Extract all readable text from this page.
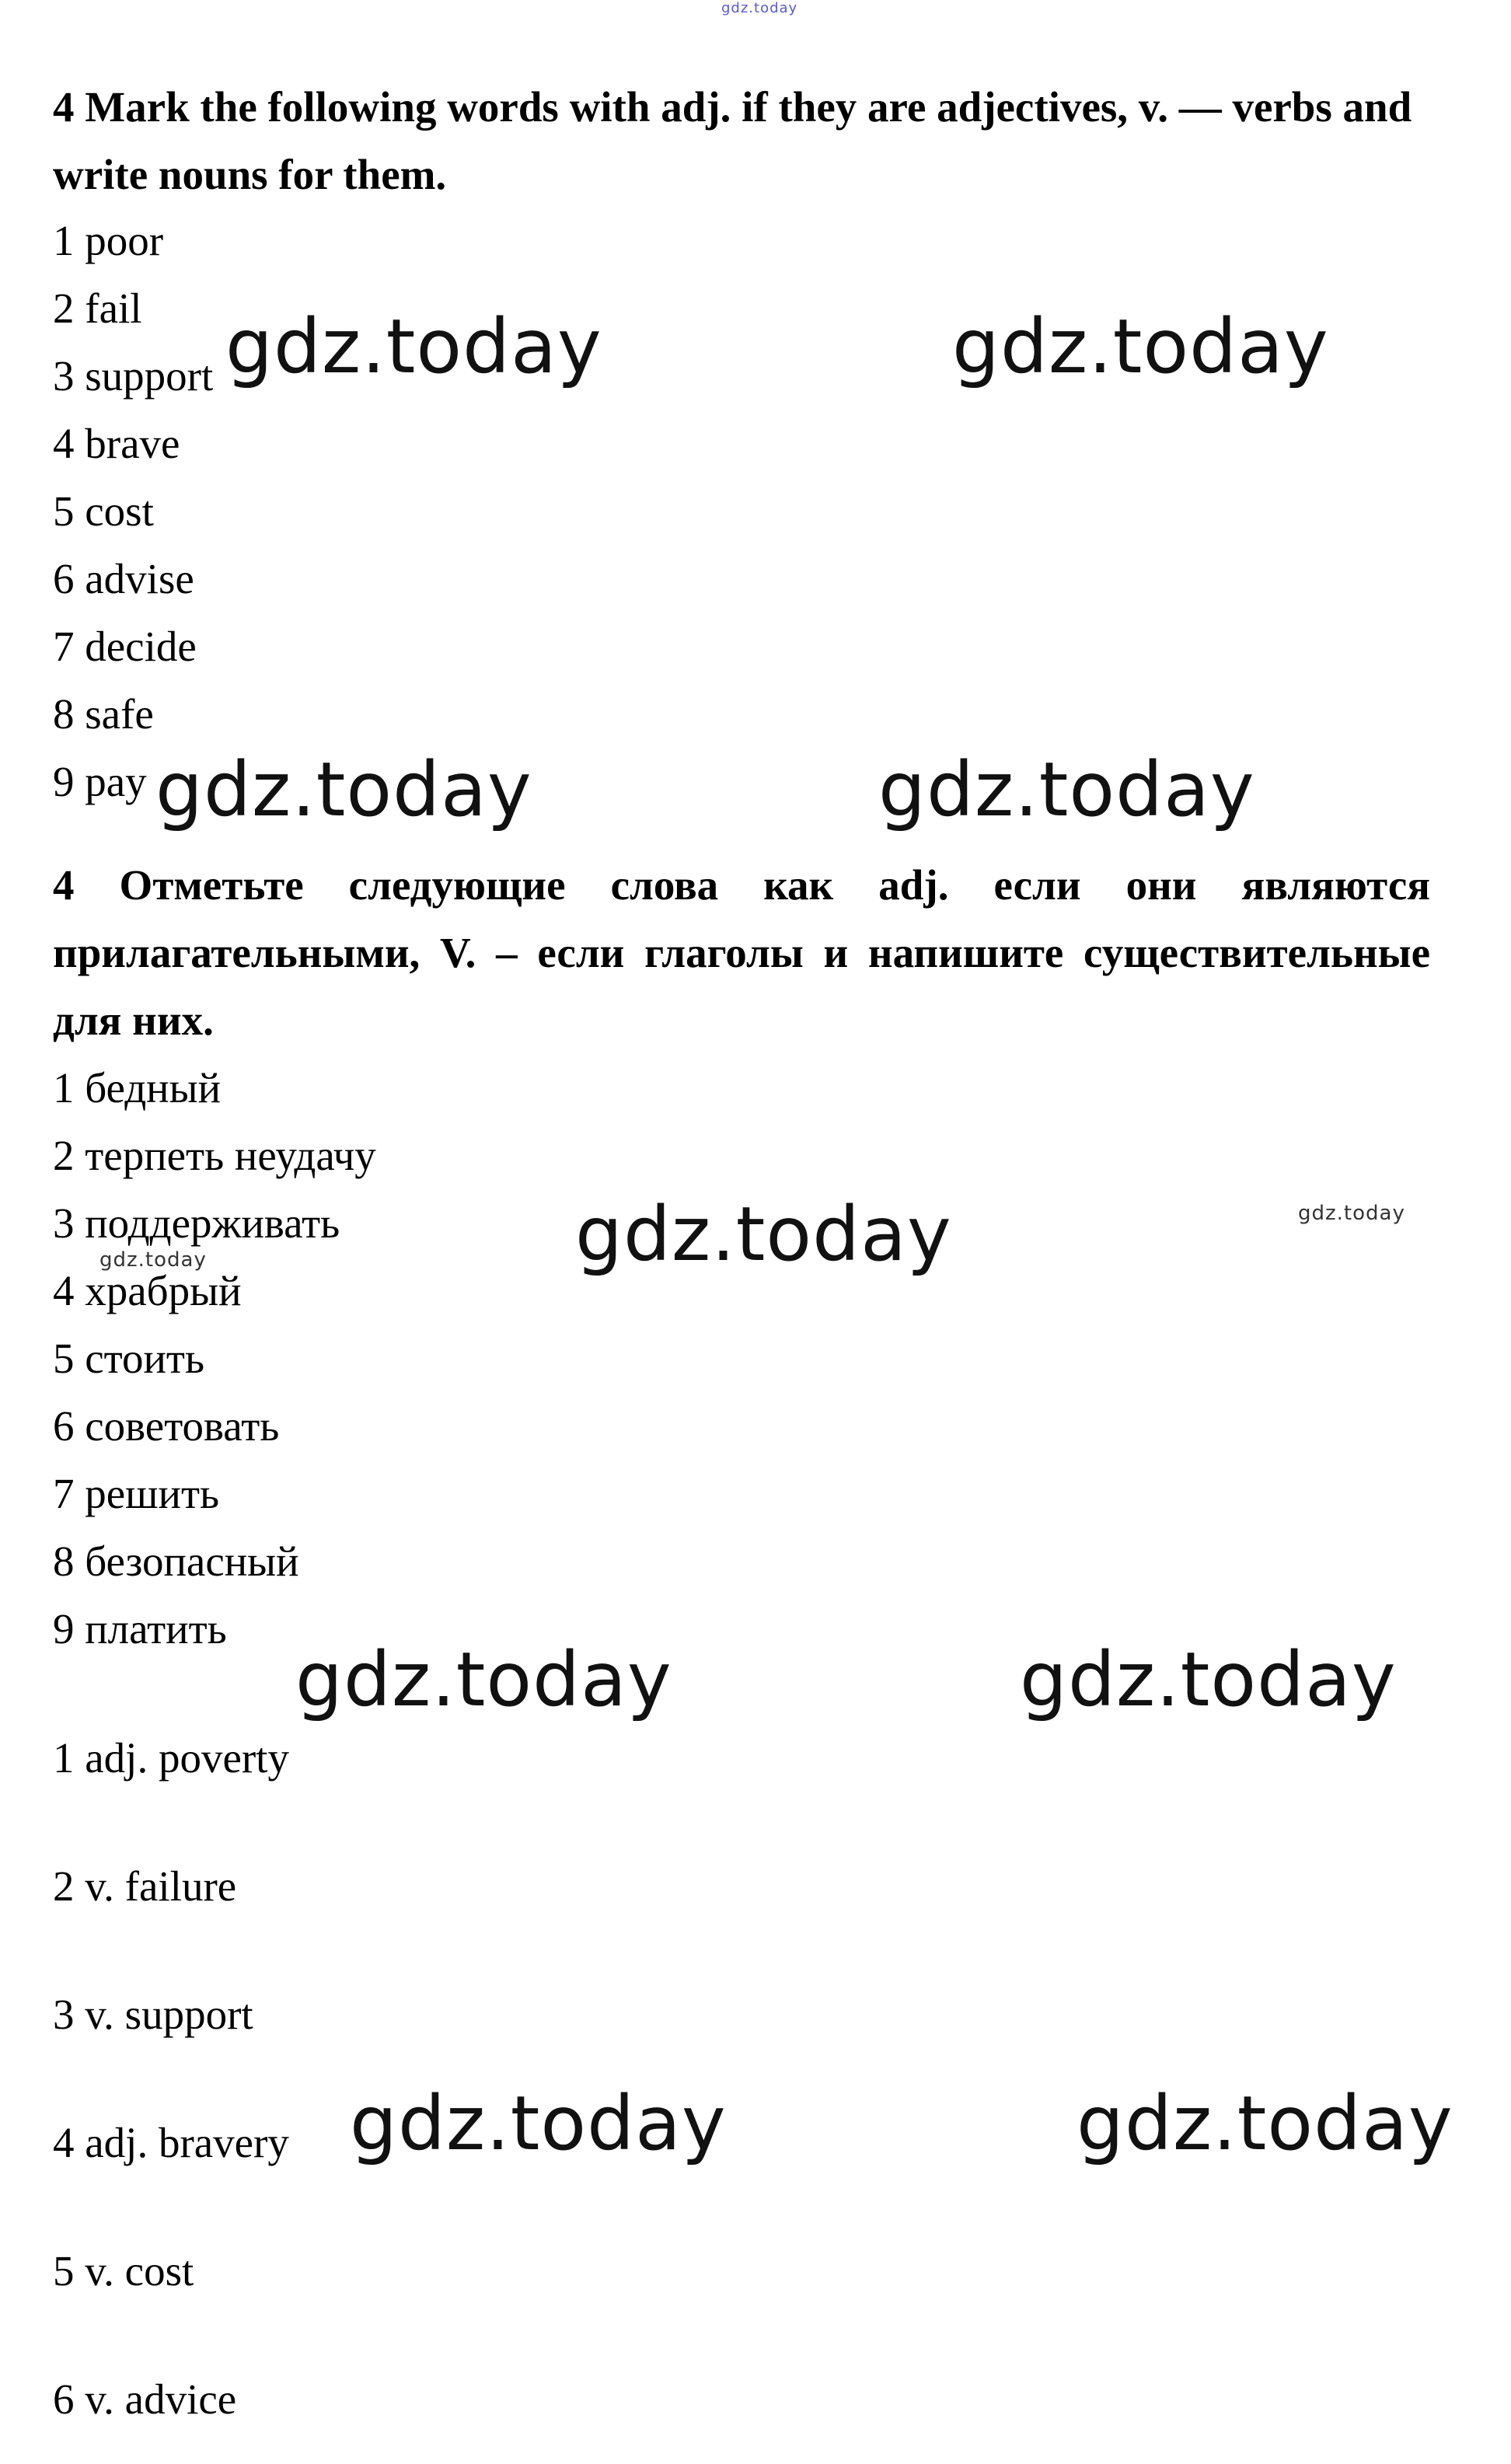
gdz.today

4 Mark the following words with adj. if they are adjectives, v. — verbs and write nouns for them.

1 poor
2 fail
3 support
4 brave
5 cost
6 advise
7 decide
8 safe
9 pay

4 Отметьте следующие слова как adj. если они являются прилагательными, V. – если глаголы и напишите существительные для них.

1 бедный
2 терпеть неудачу
3 поддерживать
4 храбрый
5 стоить
6 советовать
7 решить
8 безопасный
9 платить
1 adj. poverty
2 v. failure
3 v. support
4 adj. bravery
5 v. cost
6 v. advice
gdz.today	gdz.today
gdz.today	gdz.today
gdz.today
gdz.today	gdz.today
gdz.today	gdz.today
gdz.today
gdz.today
